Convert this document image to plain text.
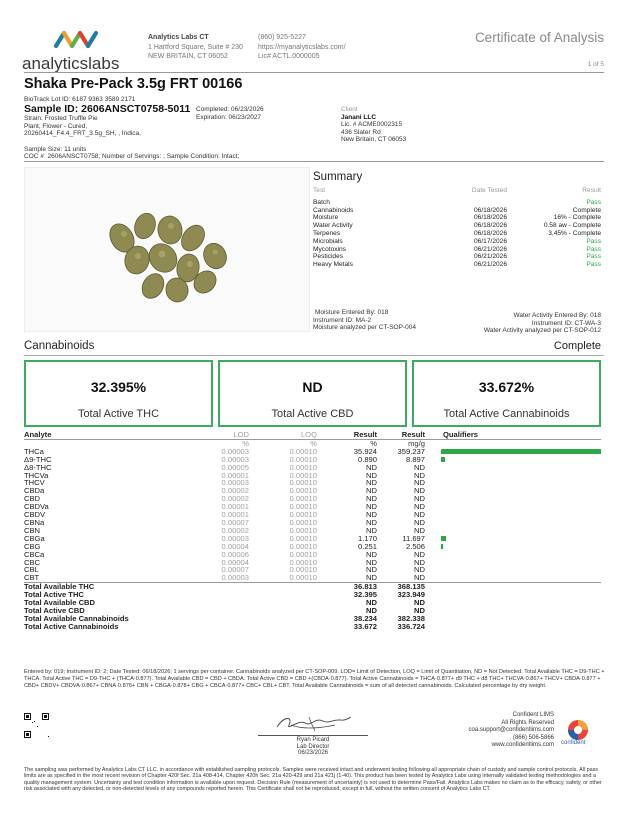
analyticslabs
Analytics Labs CT
1 Hartford Square, Suite # 230
NEW BRITAIN, CT 06052
(860) 925-5227
https://myanalyticslabs.com/
Lic# ACTL.0000005
Certificate of Analysis
1 of 5
Shaka Pre-Pack 3.5g FRT 00166
BioTrack Lot ID: 6187 9363 3589 2171
Sample ID: 2606ANSCT0758-5011
Strain: Frosted Truffle Pie
Plant, Flower - Cured,
20260414_F4.4_FRT_3.5g_SH, , Indica,
Completed: 06/23/2026
Expiration: 06/23/2027
Client
Janani LLC
Lic. # ACME0002315
436 Slater Rd
New Britain, CT 06053
Sample Size: 11 units
COC #: 2606ANSCT0758; Number of Servings: ; Sample Condition: Intact;
Summary
Test	Date Tested	Result
Batch		Pass
Cannabinoids	06/18/2026	Complete
Moisture	06/18/2026	16% - Complete
Water Activity	06/18/2026	0.58 aw - Complete
Terpenes	06/18/2026	3.45% - Complete
Microbials	06/17/2026	Pass
Mycotoxins	06/21/2026	Pass
Pesticides	06/21/2026	Pass
Heavy Metals	06/21/2026	Pass
Moisture Entered By: 018
Instrument ID: MA-2
Moisture analyzed per CT-SOP-004
Water Activity Entered By: 018
Instrument ID: CT-WA-3
Water Activity analyzed per CT-SOP-012
Cannabinoids	Complete
32.395%
Total Active THC
ND
Total Active CBD
33.672%
Total Active Cannabinoids
Analyte	LOD	LOQ	Result	Result	Qualifiers
	%	%	%	mg/g	
THCa	0.00003	0.00010	35.924	359.237	
Δ9-THC	0.00003	0.00010	0.890	8.897	
Δ8-THC	0.00005	0.00010	ND	ND	
THCVa	0.00001	0.00010	ND	ND	
THCV	0.00003	0.00010	ND	ND	
CBDa	0.00002	0.00010	ND	ND	
CBD	0.00002	0.00010	ND	ND	
CBDVa	0.00001	0.00010	ND	ND	
CBDV	0.00001	0.00010	ND	ND	
CBNa	0.00007	0.00010	ND	ND	
CBN	0.00002	0.00010	ND	ND	
CBGa	0.00003	0.00010	1.170	11.697	
CBG	0.00004	0.00010	0.251	2.506	
CBCa	0.00006	0.00010	ND	ND	
CBC	0.00004	0.00010	ND	ND	
CBL	0.00007	0.00010	ND	ND	
CBT	0.00003	0.00010	ND	ND	
Total Available THC			36.813	368.135	
Total Active THC			32.395	323.949	
Total Available CBD			ND	ND	
Total Active CBD			ND	ND	
Total Available Cannabinoids			38.234	382.338	
Total Active Cannabinoids			33.672	336.724	
Entered by: 019; Instrument ID: 2; Date Tested: 06/18/2026; 1 servings per container. Cannabinoids analyzed per CT-SOP-009. LOD= Limit of Detection, LOQ = Limit of Quantitation, ND = Not Detected. Total Available THC = D9-THC + THCA. Total Active THC = D9-THC + (THCA·0.877). Total Available CBD = CBD + CBDA. Total Active CBD = CBD +(CBDA·0.877). Total Active Cannabinoids = THCA·0.877+ d9 THC + d8 THC+ THCVA·0.867+ THCV+ CBDA·0.877 + CBD+ CBDV+ CBDVA·0.867+ CBNA·0.876+ CBN + CBGA·0.878+ CBG + CBCA·0.877+ CBC+ CBL+ CBT. Total Available Cannabinoids = sum of all detected cannabinoids. Calculated percentage by dry weight.
Ryan Picard
Lab Director
06/23/2026
Confident LIMS
All Rights Reserved
coa.support@confidentlims.com
(866) 506-5866
www.confidentlims.com confident
The sampling was performed by Analytics Labs CT LLC. in accordance with established sampling protocols. Samples were received intact and underwent testing following all appropriate chain of custody and sample control protocols. All pass limits are as specified in the most recent revision of Chapter 420f Sec. 21a 408-414, Chapter 420h Sec. 21a 420-429 and 21a 421j (1-40). This product has been tested by Analytics Labs using internally validated testing methodologies and a quality management system. Uncertainty and test condition information is available upon request. Decision Rule (measurement of uncertainty) is not used to determine Pass/Fail. Analytics Labs makes no claim as to the efficacy, safety, or other risk associated with any detected, or non-detected levels of any compounds reported herein. This Certificate shall not be reproduced, except in full, without the written consent of Analytics Labs CT.
